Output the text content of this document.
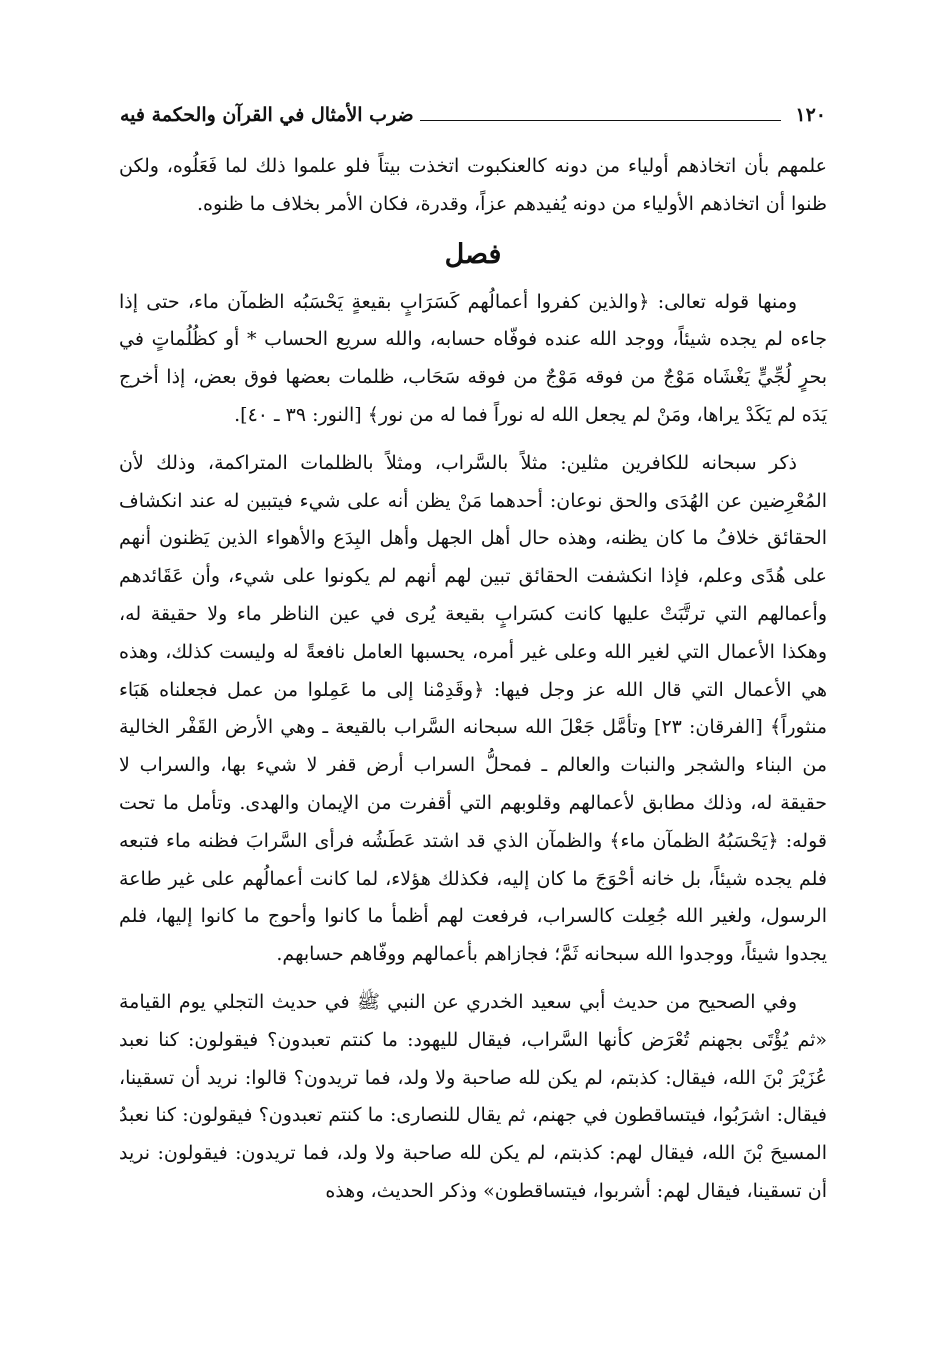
١٢٠
ضرب الأمثال في القرآن والحكمة فيه

علمهم بأن اتخاذهم أولياء من دونه كالعنكبوت اتخذت بيتاً فلو علموا ذلك لما فَعَلُوه، ولكن ظنوا أن اتخاذهم الأولياء من دونه يُفيدهم عزاً، وقدرة، فكان الأمر بخلاف ما ظنوه.

فصل

ومنها قوله تعالى: ﴿والذين كفروا أعمالُهم كَسَرَابٍ بقيعةٍ يَحْسَبُه الظمآن ماء، حتى إذا جاءه لم يجده شيئاً، ووجد الله عنده فوفّاه حسابه، والله سريع الحساب * أو كظُلُماتٍ في بحرٍ لُجِّيٍّ يَغْشَاه مَوْجٌ من فوقه مَوْجٌ من فوقه سَحَاب، ظلمات بعضها فوق بعض، إذا أخرج يَدَه لم يَكَدْ يراها، ومَنْ لم يجعل الله له نوراً فما له من نور﴾ [النور: ٣٩ ـ ٤٠].

ذكر سبحانه للكافرين مثلين: مثلاً بالسَّراب، ومثلاً بالظلمات المتراكمة، وذلك لأن المُعْرِضين عن الهُدَى والحق نوعان: أحدهما مَنْ يظن أنه على شيء فيتبين له عند انكشاف الحقائق خلافُ ما كان يظنه، وهذه حال أهل الجهل وأهل البِدَع والأهواء الذين يَظنون أنهم على هُدًى وعلم، فإذا انكشفت الحقائق تبين لهم أنهم لم يكونوا على شيء، وأن عَقَائدهم وأعمالهم التي ترتَّبَتْ عليها كانت كسَرابٍ بقيعة يُرى في عين الناظر ماء ولا حقيقة له، وهكذا الأعمال التي لغير الله وعلى غير أمره، يحسبها العامل نافعةً له وليست كذلك، وهذه هي الأعمال التي قال الله عز وجل فيها: ﴿وقَدِمْنا إلى ما عَمِلوا من عمل فجعلناه هَبَاء منثوراً﴾ [الفرقان: ٢٣] وتأمَّل جَعْلَ الله سبحانه السَّراب بالقيعة ـ وهي الأرض القَفْر الخالية من البناء والشجر والنبات والعالم ـ فمحلُّ السراب أرض قفر لا شيء بها، والسراب لا حقيقة له، وذلك مطابق لأعمالهم وقلوبهم التي أقفرت من الإيمان والهدى. وتأمل ما تحت قوله: ﴿يَحْسَبُهُ الظمآن ماء﴾ والظمآن الذي قد اشتد عَطَشُه فرأى السَّرابَ فظنه ماء فتبعه فلم يجده شيئاً، بل خانه أحْوَجَ ما كان إليه، فكذلك هؤلاء، لما كانت أعمالُهم على غير طاعة الرسول، ولغير الله جُعِلت كالسراب، فرفعت لهم أظمأ ما كانوا وأحوج ما كانوا إليها، فلم يجدوا شيئاً، ووجدوا الله سبحانه ثَمَّ؛ فجازاهم بأعمالهم ووفّاهم حسابهم.

وفي الصحيح من حديث أبي سعيد الخدري عن النبي ﷺ في حديث التجلي يوم القيامة «ثم يُؤْتَى بجهنم تُعْرَض كأنها السَّراب، فيقال لليهود: ما كنتم تعبدون؟ فيقولون: كنا نعبد عُزَيْرَ بْنَ الله، فيقال: كذبتم، لم يكن لله صاحبة ولا ولد، فما تريدون؟ قالوا: نريد أن تسقينا، فيقال: اشرَبُوا، فيتساقطون في جهنم، ثم يقال للنصارى: ما كنتم تعبدون؟ فيقولون: كنا نعبدُ المسيحَ بْنَ الله، فيقال لهم: كذبتم، لم يكن لله صاحبة ولا ولد، فما تريدون: فيقولون: نريد أن تسقينا، فيقال لهم: أشربوا، فيتساقطون» وذكر الحديث، وهذه
